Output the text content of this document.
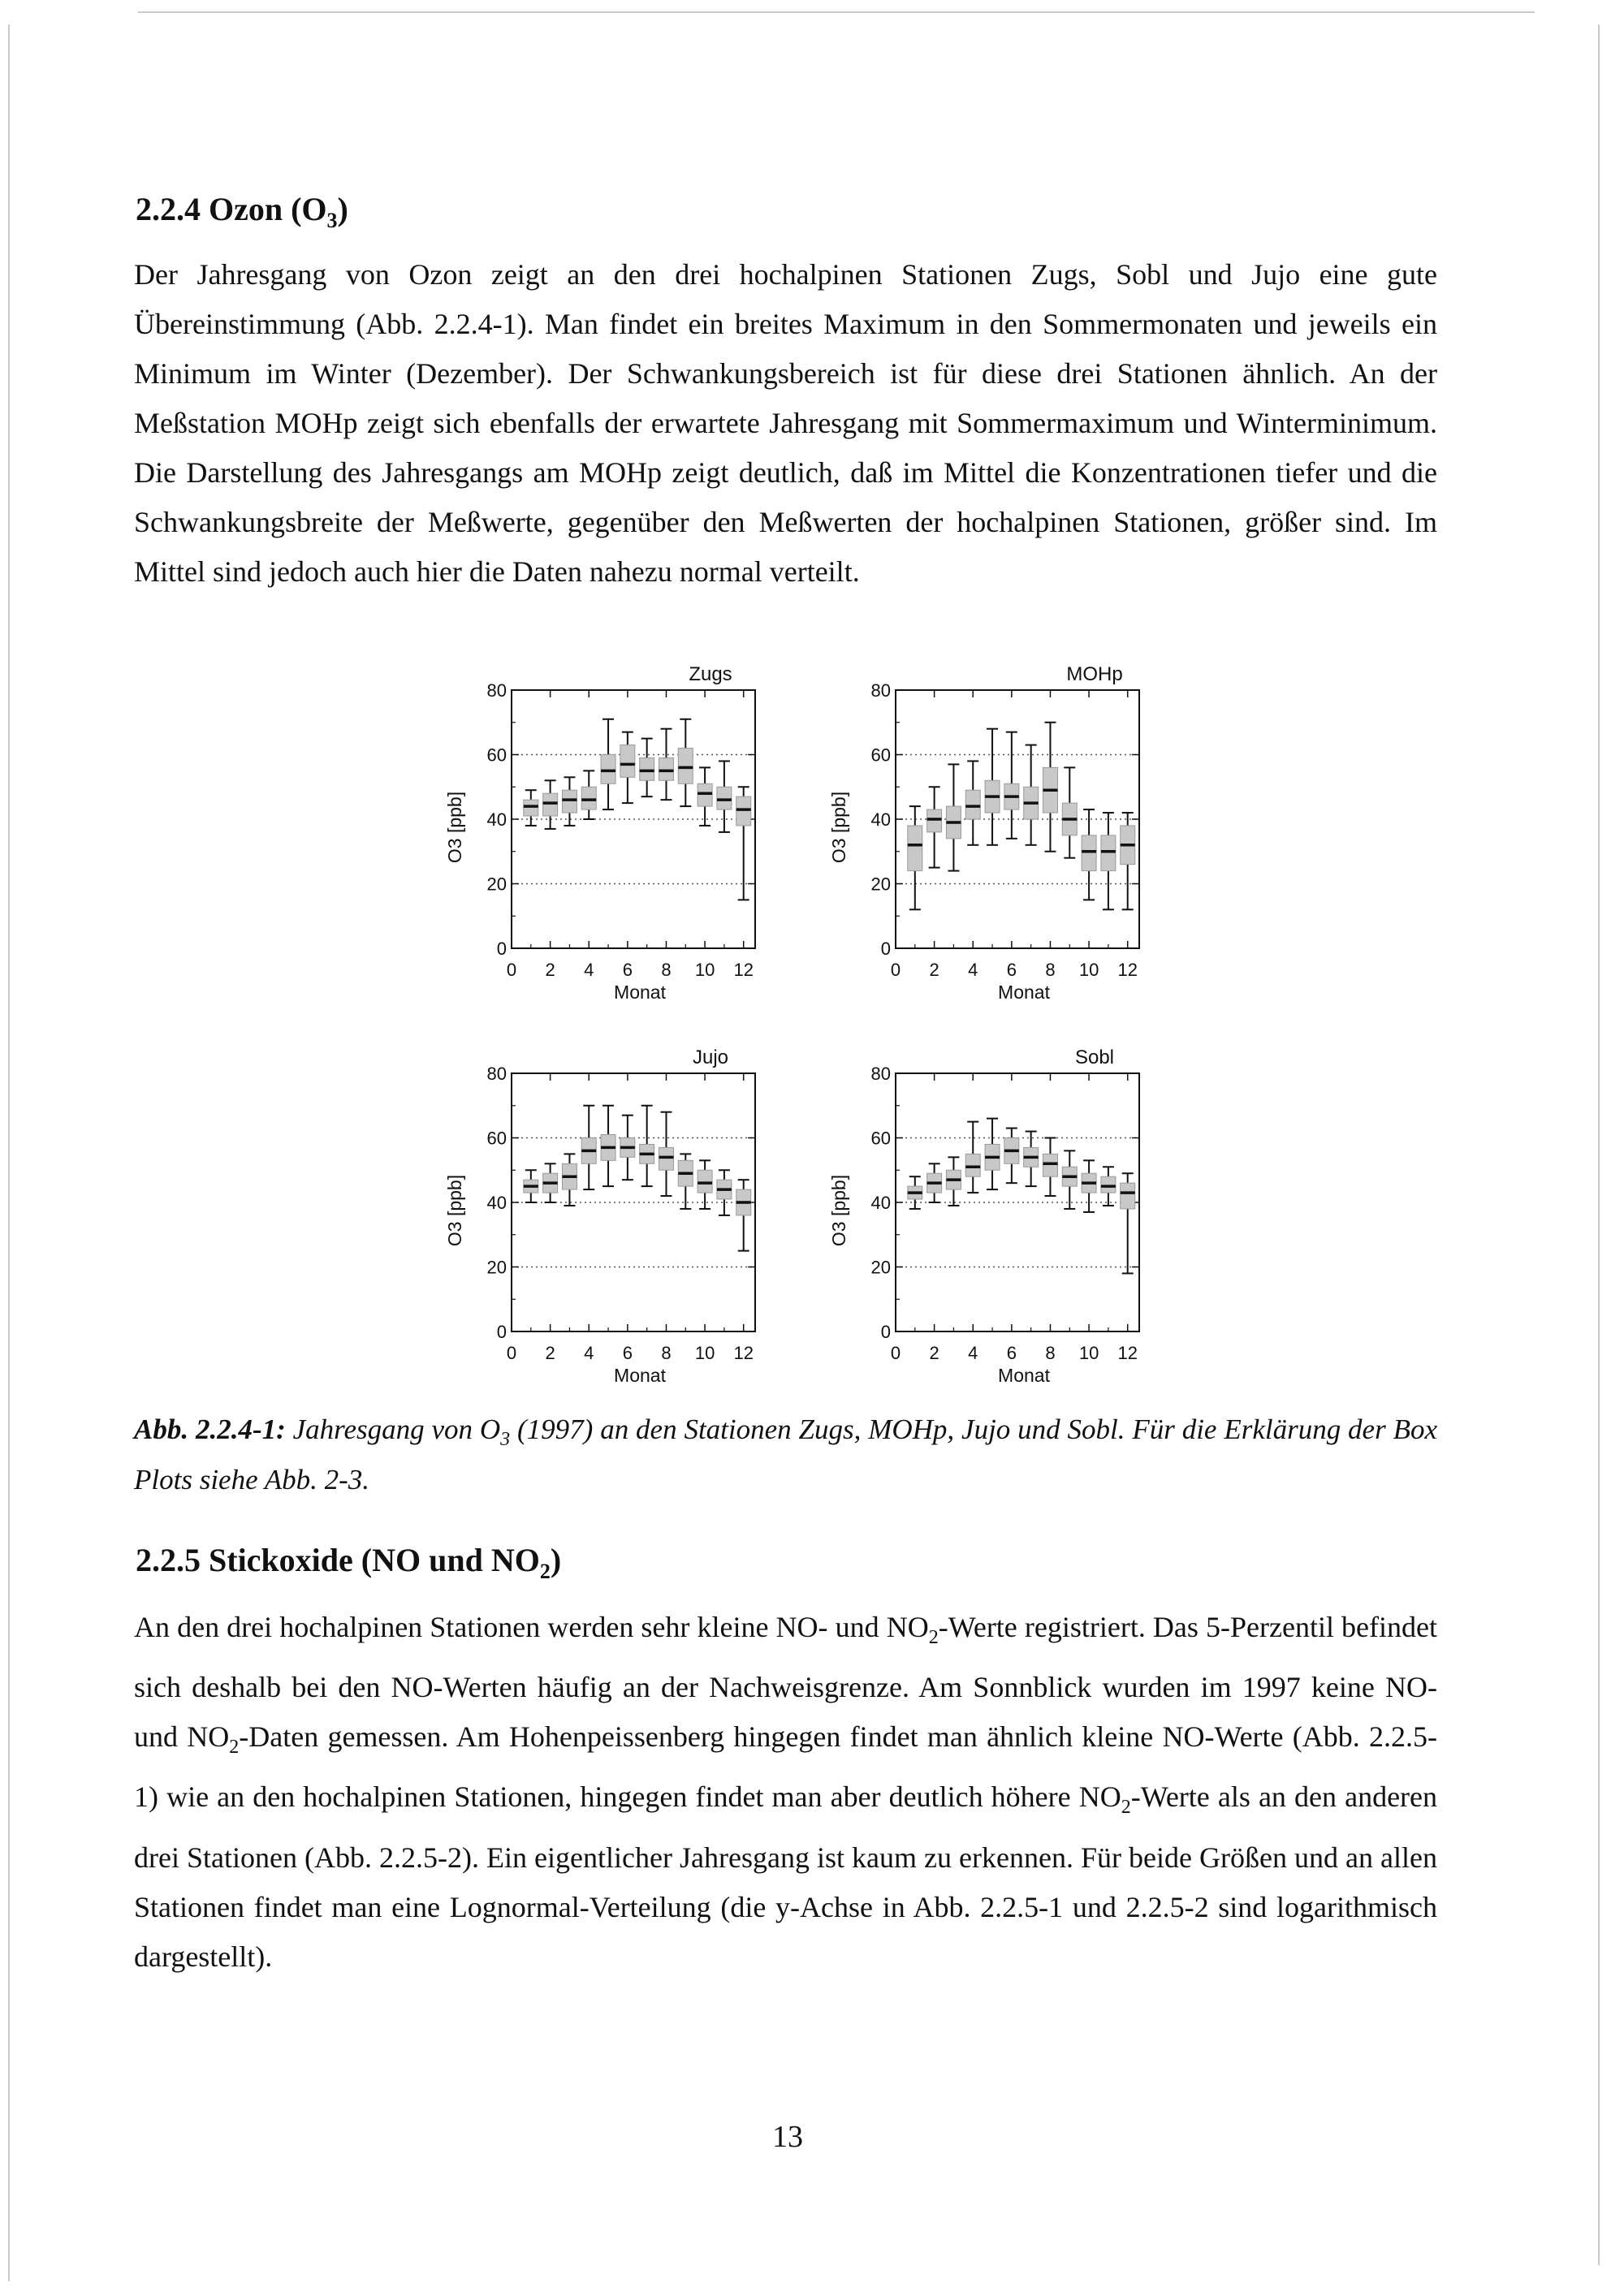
2.2.4 Ozon $(O_3)$

Der Jahresgang von Ozon zeigt an den drei hochalpinen Stationen Zugs, Sobl und Jujo eine gute Übereinstimmung (Abb. 2.2.4-1). Man findet ein breites Maximum in den Sommermonaten und jeweils ein Minimum im Winter (Dezember). Der Schwankungsbereich ist für diese drei Stationen ähnlich. An der Meßstation MOHp zeigt sich ebenfalls der erwartete Jahresgang mit Sommermaximum und Winterminimum. Die Darstellung des Jahresgangs am MOHp zeigt deutlich, daß im Mittel die Konzentrationen tiefer und die Schwankungsbreite der Meßwerte, gegenüber den Meßwerten der hochalpinen Stationen, größer sind. Im Mittel sind jedoch auch hier die Daten nahezu normal verteilt.

0
20
40
60
80
0 2 4 6 8 10 12
Zugs
Monat
O3 [ppb]
0
20
40
60
80
0 2 4 6 8 10 12
MOHp
Monat
O3 [ppb]
0
20
40
60
80
0 2 4 6 8 10 12
Jujo
Monat
O3 [ppb]
0
20
40
60
80
0 2 4 6 8 10 12
Sobl
Monat
O3 [ppb]

Abb. 2.2.4-1: Jahresgang von $O_3$ (1997) an den Stationen Zugs, MOHp, Jujo und Sobl. Für die Erklärung der Box Plots siehe Abb. 2-3.

2.2.5 Stickoxide (NO und $NO_2$)

An den drei hochalpinen Stationen werden sehr kleine NO- und $NO_2$-Werte registriert. Das 5-Perzentil befindet sich deshalb bei den NO-Werten häufig an der Nachweisgrenze. Am Sonnblick wurden im 1997 keine NO- und $NO_2$-Daten gemessen. Am Hohenpeissenberg hingegen findet man ähnlich kleine NO-Werte (Abb. 2.2.5-1) wie an den hochalpinen Stationen, hingegen findet man aber deutlich höhere $NO_2$-Werte als an den anderen drei Stationen (Abb. 2.2.5-2). Ein eigentlicher Jahresgang ist kaum zu erkennen. Für beide Größen und an allen Stationen findet man eine Lognormal-Verteilung (die y-Achse in Abb. 2.2.5-1 und 2.2.5-2 sind logarithmisch dargestellt).

13
